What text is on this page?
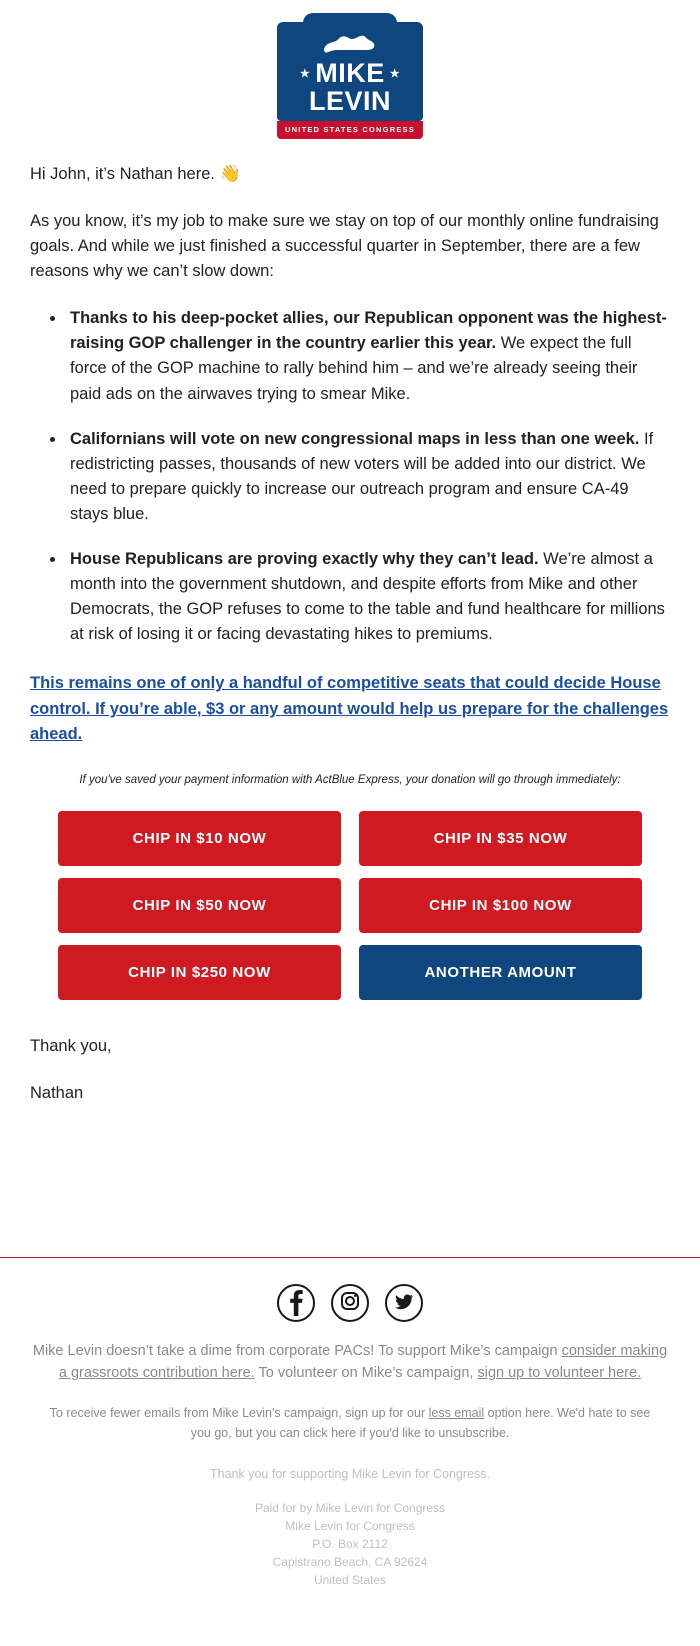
★ MIKE ★
LEVIN
UNITED STATES CONGRESS

Hi John, it’s Nathan here. 👋

As you know, it’s my job to make sure we stay on top of our monthly online fundraising goals. And while we just finished a successful quarter in September, there are a few reasons why we can’t slow down:

• Thanks to his deep-pocket allies, our Republican opponent was the highest-raising GOP challenger in the country earlier this year. We expect the full force of the GOP machine to rally behind him – and we’re already seeing their paid ads on the airwaves trying to smear Mike.
• Californians will vote on new congressional maps in less than one week. If redistricting passes, thousands of new voters will be added into our district. We need to prepare quickly to increase our outreach program and ensure CA-49 stays blue.
• House Republicans are proving exactly why they can’t lead. We’re almost a month into the government shutdown, and despite efforts from Mike and other Democrats, the GOP refuses to come to the table and fund healthcare for millions at risk of losing it or facing devastating hikes to premiums.
This remains one of only a handful of competitive seats that could decide House control. If you’re able, $3 or any amount would help us prepare for the challenges ahead.

If you've saved your payment information with ActBlue Express, your donation will go through immediately:

CHIP IN $10 NOW	CHIP IN $35 NOW
CHIP IN $50 NOW	CHIP IN $100 NOW
CHIP IN $250 NOW	ANOTHER AMOUNT

Thank you,

Nathan

Mike Levin doesn’t take a dime from corporate PACs! To support Mike’s campaign consider making a grassroots contribution here. To volunteer on Mike’s campaign, sign up to volunteer here.

To receive fewer emails from Mike Levin's campaign, sign up for our less email option here. We'd hate to see you go, but you can click here if you'd like to unsubscribe.

Thank you for supporting Mike Levin for Congress.

Paid for by Mike Levin for Congress
Mike Levin for Congress
P.O. Box 2112
Capistrano Beach, CA 92624
United States
